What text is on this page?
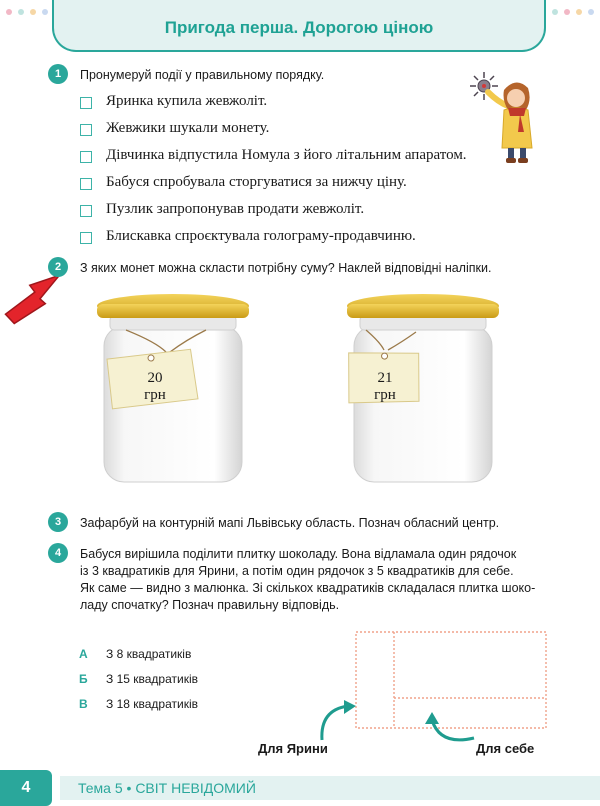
Пригода перша. Дорогою ціною
1	Пронумеруй події у правильному порядку.
Яринка купила жевжоліт.
Жевжики шукали монету.
Дівчинка відпустила Номула з його літальним апаратом.
Бабуся спробувала сторгуватися за нижчу ціну.
Пузлик запропонував продати жевжоліт.
Блискавка спроєктувала голограму-продавчиню.
2	З яких монет можна скласти потрібну суму? Наклей відповідні наліпки.
20
грн
21
грн
3	Зафарбуй на контурній мапі Львівську область. Познач обласний центр.
4	Бабуся вирішила поділити плитку шоколаду. Вона відламала один рядочок
із 3 квадратиків для Ярини, а потім один рядочок з 5 квадратиків для себе.
Як саме — видно з малюнка. Зі скількох квадратиків складалася плитка шоко-
ладу спочатку? Познач правильну відповідь.
А З 8 квадратиків
Б З 15 квадратиків
В З 18 квадратиків
Для Ярини	Для себе
4	Тема 5 • СВІТ НЕВІДОМИЙ
